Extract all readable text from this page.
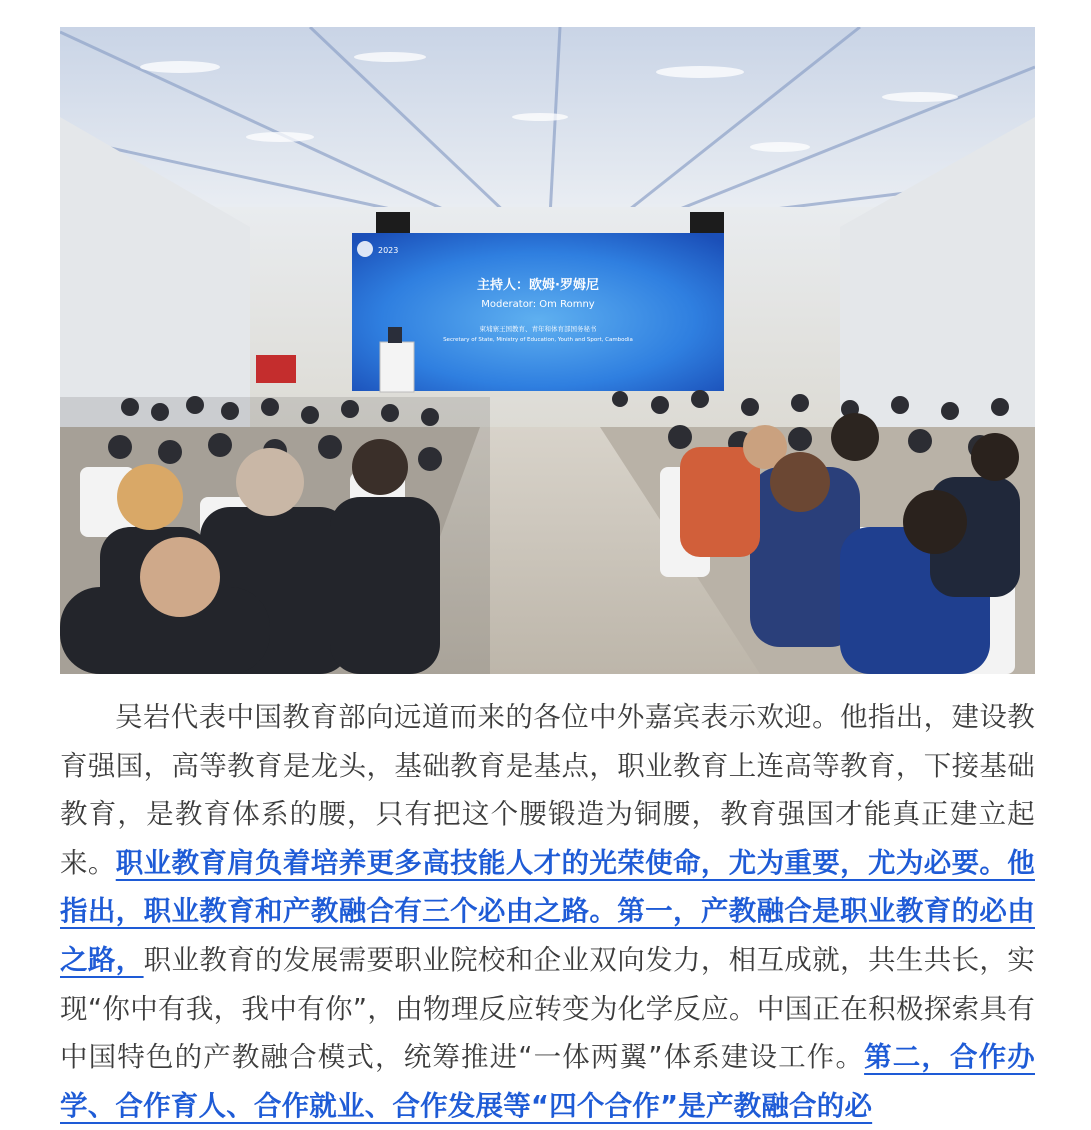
2023
主持人：欧姆·罗姆尼
Moderator: Om Romny
柬埔寨王国教育、青年和体育部国务秘书
Secretary of State, Ministry of Education, Youth and Sport, Cambodia

吴岩代表中国教育部向远道而来的各位中外嘉宾表示欢迎。他指出，建设教育强国，高等教育是龙头，基础教育是基点，职业教育上连高等教育，下接基础教育，是教育体系的腰，只有把这个腰锻造为铜腰，教育强国才能真正建立起来。职业教育肩负着培养更多高技能人才的光荣使命，尤为重要，尤为必要。他指出，职业教育和产教融合有三个必由之路。第一，产教融合是职业教育的必由之路，职业教育的发展需要职业院校和企业双向发力，相互成就，共生共长，实现“你中有我，我中有你”，由物理反应转变为化学反应。中国正在积极探索具有中国特色的产教融合模式，统筹推进“一体两翼”体系建设工作。第二，合作办学、合作育人、合作就业、合作发展等“四个合作”是产教融合的必
